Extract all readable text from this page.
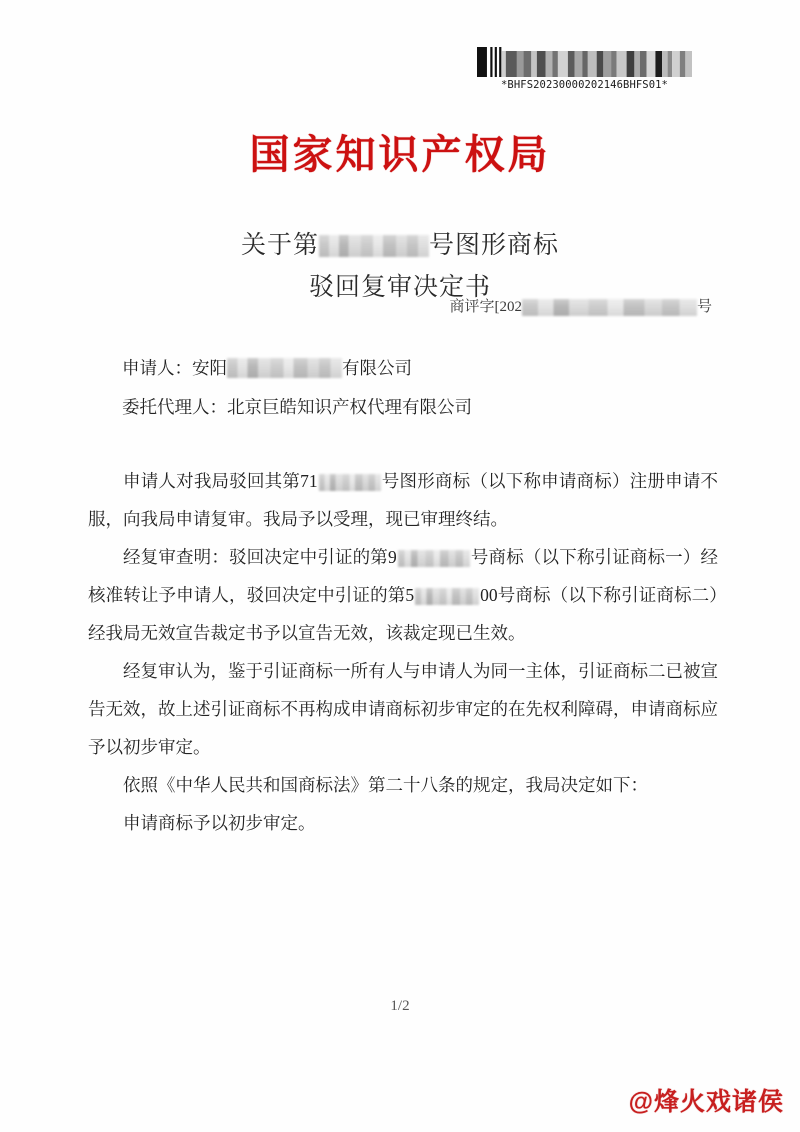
*BHFS20230000202146BHFS01*
国家知识产权局
关于第	号图形商标
驳回复审决定书
商评字[202	号
申请人： 安阳	有限公司
委托代理人： 北京巨皓知识产权代理有限公司

申请人对我局驳回其第71	号图形商标（以下称申请商标）注册申请不服，向我局申请复审。我局予以受理，现已审理终结。

经复审查明：驳回决定中引证的第9	号商标（以下称引证商标一）经核准转让予申请人，驳回决定中引证的第5	00号商标（以下称引证商标二）经我局无效宣告裁定书予以宣告无效，该裁定现已生效。

经复审认为，鉴于引证商标一所有人与申请人为同一主体，引证商标二已被宣告无效，故上述引证商标不再构成申请商标初步审定的在先权利障碍，申请商标应予以初步审定。

依照《中华人民共和国商标法》第二十八条的规定，我局决定如下：

申请商标予以初步审定。

1/2
@烽火戏诸侯
